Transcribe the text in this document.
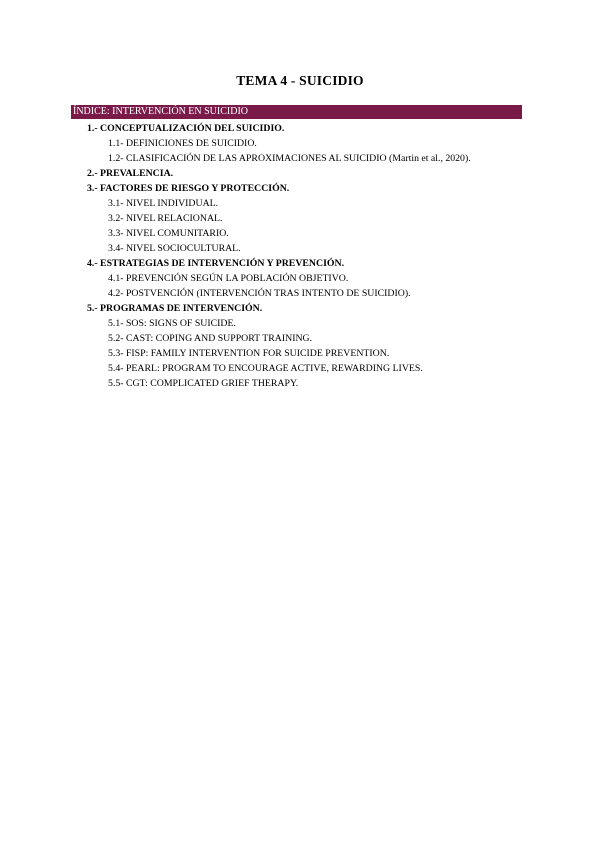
TEMA 4 - SUICIDIO
ÍNDICE: INTERVENCIÓN EN SUICIDIO
1.- CONCEPTUALIZACIÓN DEL SUICIDIO.
1.1- DEFINICIONES DE SUICIDIO.
1.2- CLASIFICACIÓN DE LAS APROXIMACIONES AL SUICIDIO (Martin et al., 2020).
2.- PREVALENCIA.
3.- FACTORES DE RIESGO Y PROTECCIÓN.
3.1- NIVEL INDIVIDUAL.
3.2- NIVEL RELACIONAL.
3.3- NIVEL COMUNITARIO.
3.4- NIVEL SOCIOCULTURAL.
4.- ESTRATEGIAS DE INTERVENCIÓN Y PREVENCIÓN.
4.1- PREVENCIÓN SEGÚN LA POBLACIÓN OBJETIVO.
4.2- POSTVENCIÓN (INTERVENCIÓN TRAS INTENTO DE SUICIDIO).
5.- PROGRAMAS DE INTERVENCIÓN.
5.1- SOS: SIGNS OF SUICIDE.
5.2- CAST: COPING AND SUPPORT TRAINING.
5.3- FISP: FAMILY INTERVENTION FOR SUICIDE PREVENTION.
5.4- PEARL: PROGRAM TO ENCOURAGE ACTIVE, REWARDING LIVES.
5.5- CGT: COMPLICATED GRIEF THERAPY.
